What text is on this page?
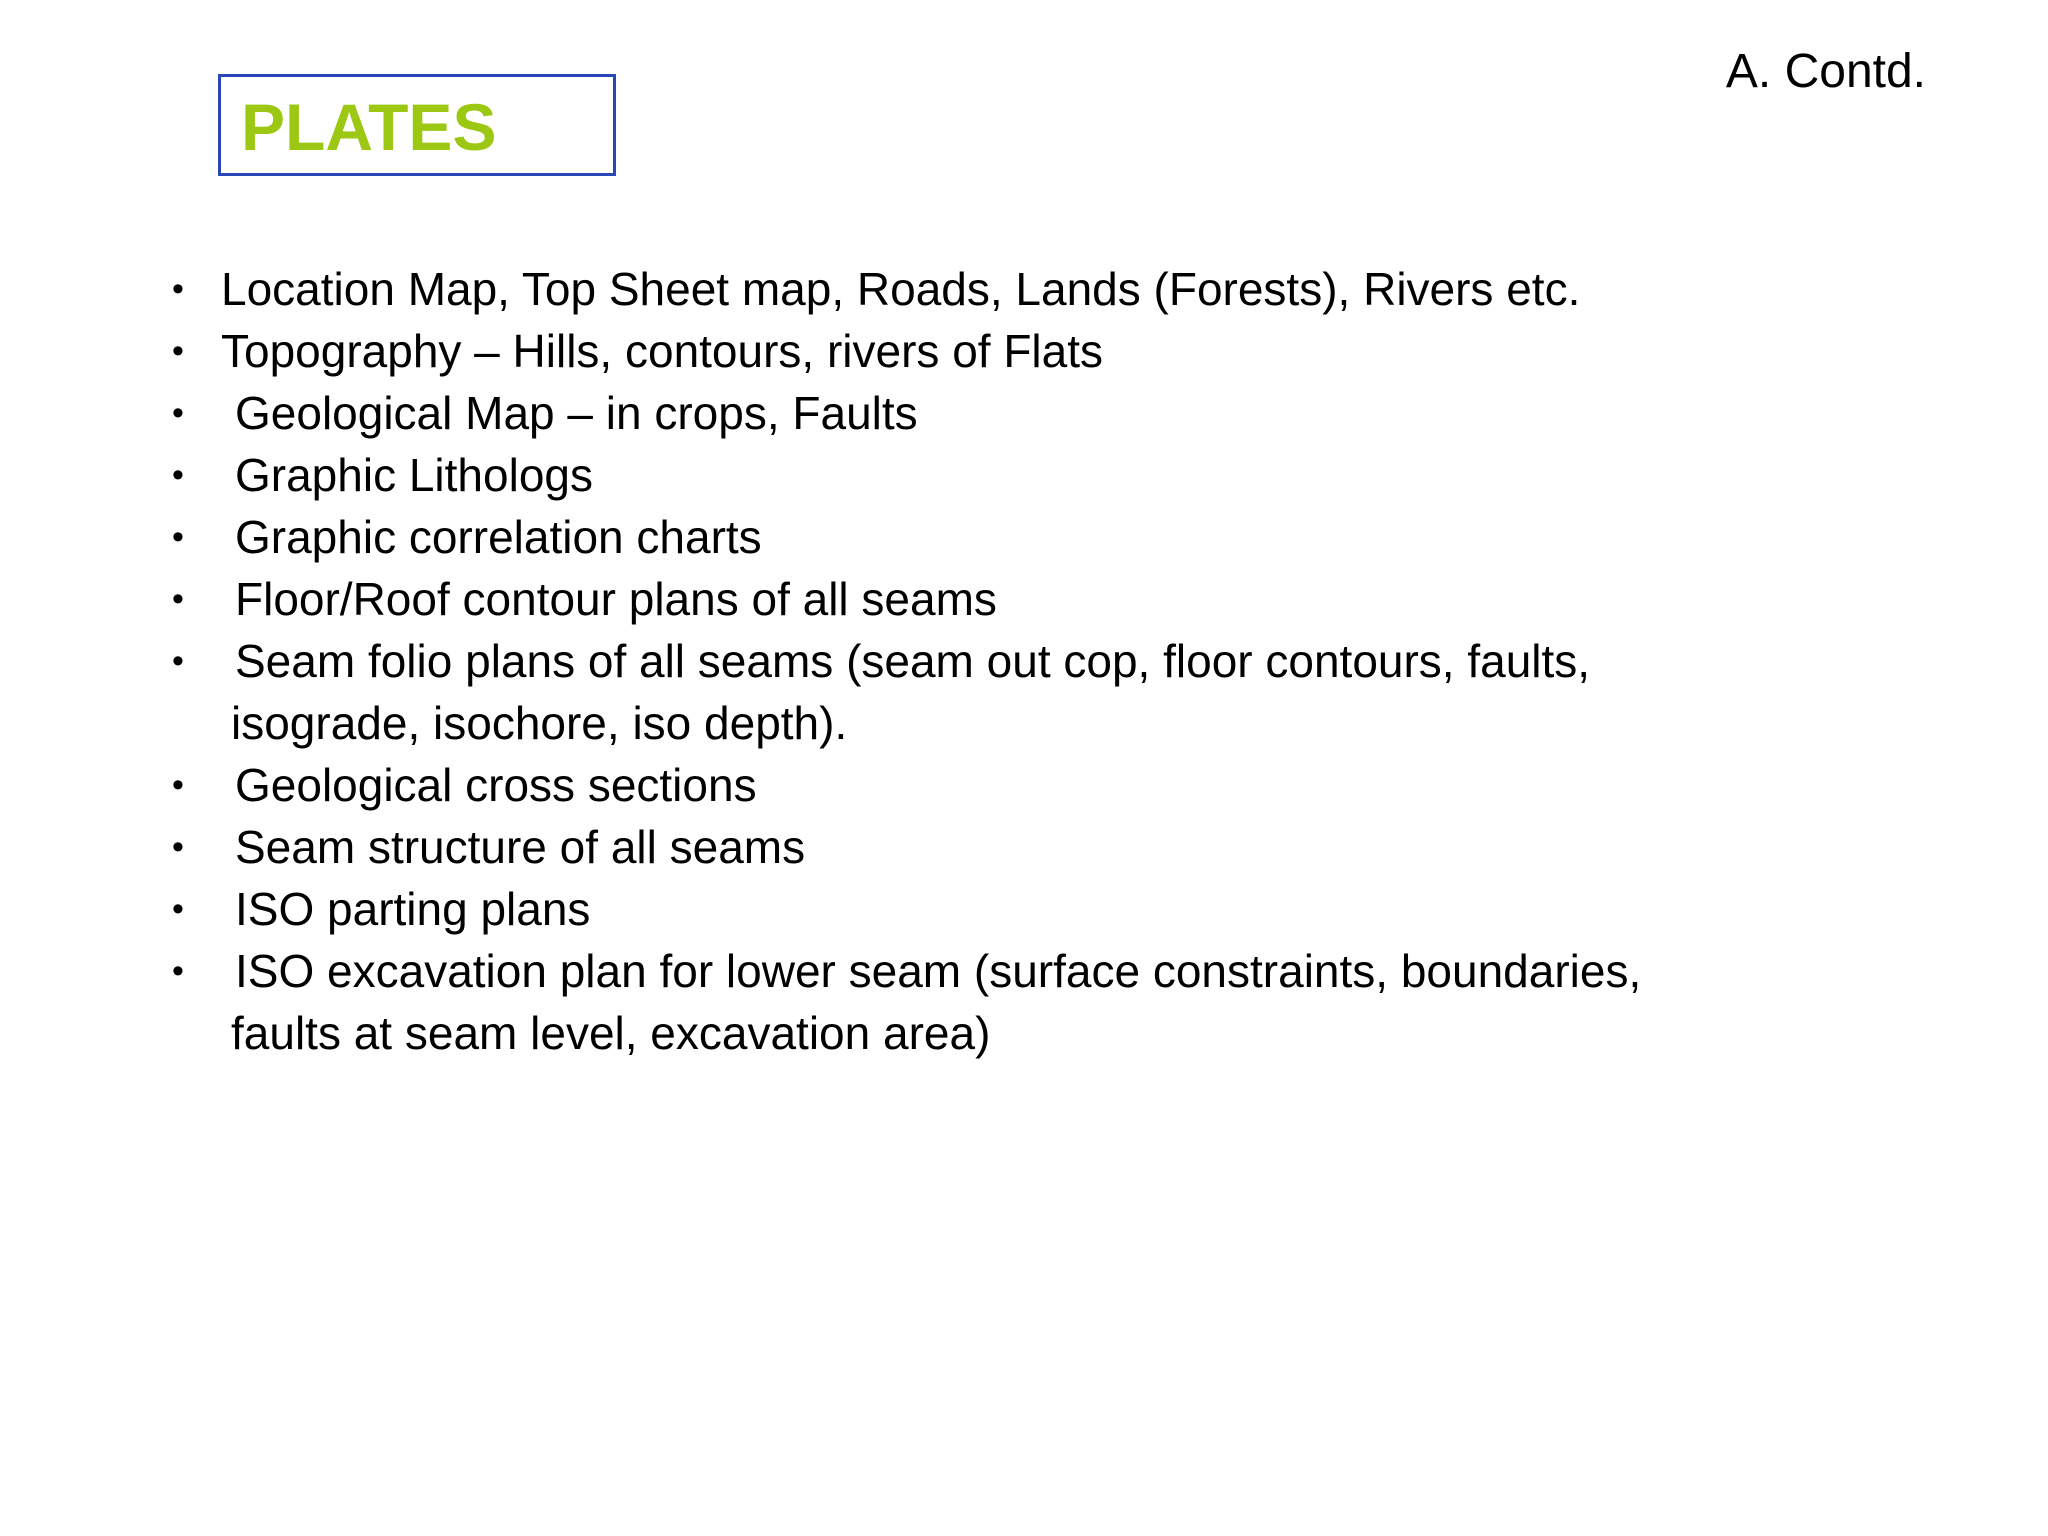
A. Contd.
PLATES
• Location Map, Top Sheet map, Roads, Lands (Forests), Rivers etc.
• Topography – Hills, contours, rivers of Flats
•	Geological Map – in crops, Faults
•	Graphic Lithologs
•	Graphic correlation charts
•	Floor/Roof contour plans of all seams
•	Seam folio plans of all seams (seam out cop, floor contours, faults,
isograde, isochore, iso depth).
•	Geological cross sections
•	Seam structure of all seams
•	ISO parting plans
•	ISO excavation plan for lower seam (surface constraints, boundaries,
faults at seam level, excavation area)
